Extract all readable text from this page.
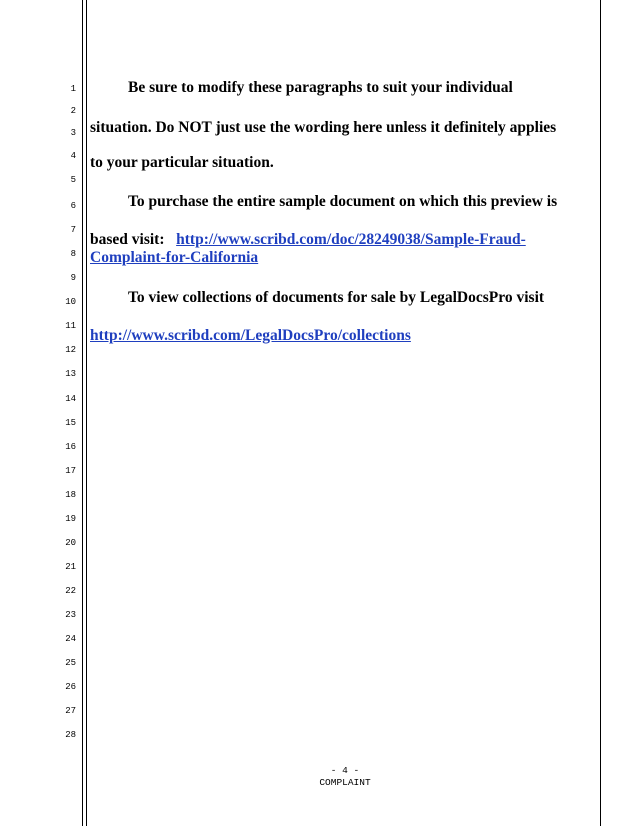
1
2
3
4
5
6
7
8
9
10
11
12
13
14
15
16
17
18
19
20
21
22
23
24
25
26
27
28
Be sure to modify these paragraphs to suit your individual
situation. Do NOT just use the wording here unless it definitely applies
to your particular situation.
To purchase the entire sample document on which this preview is
based visit: http://www.scribd.com/doc/28249038/Sample-Fraud-
Complaint-for-California
To view collections of documents for sale by LegalDocsPro visit
http://www.scribd.com/LegalDocsPro/collections
- 4 -
COMPLAINT
